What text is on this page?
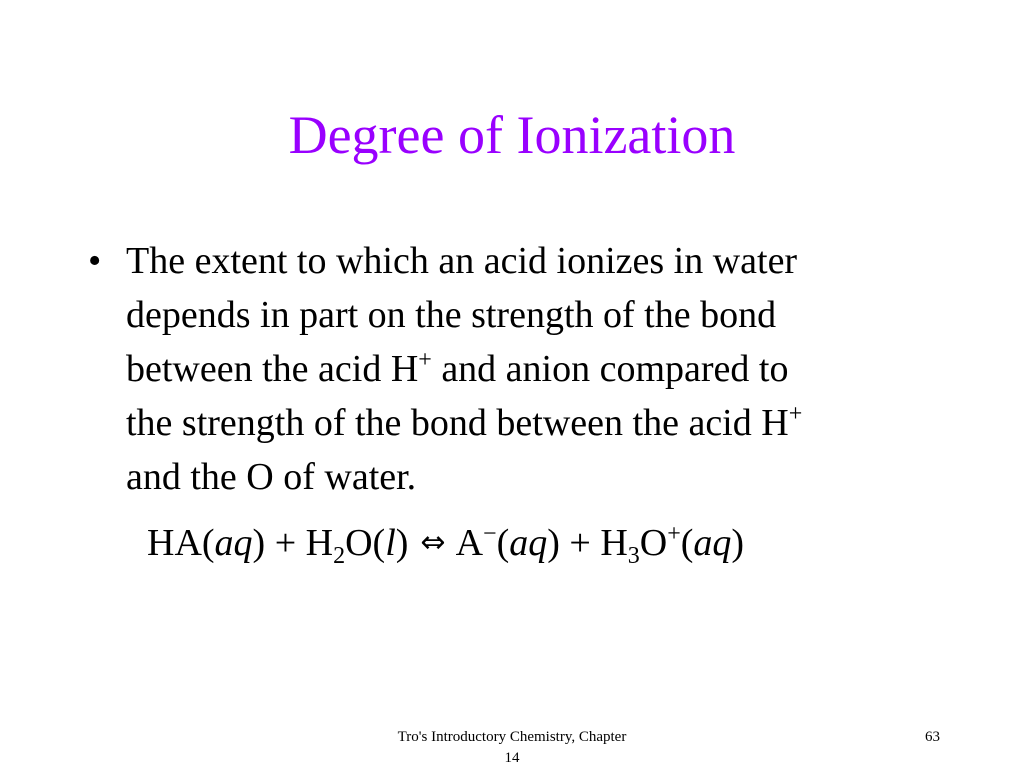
Degree of Ionization
• The extent to which an acid ionizes in water
depends in part on the strength of the bond
between the acid H+ and anion compared to
the strength of the bond between the acid H+
and the O of water.
$HA(aq) + H_2O(l)$ ⇔ $A^-(aq) + H_3O^+(aq)$
Tro's Introductory Chemistry, Chapter
14
63
